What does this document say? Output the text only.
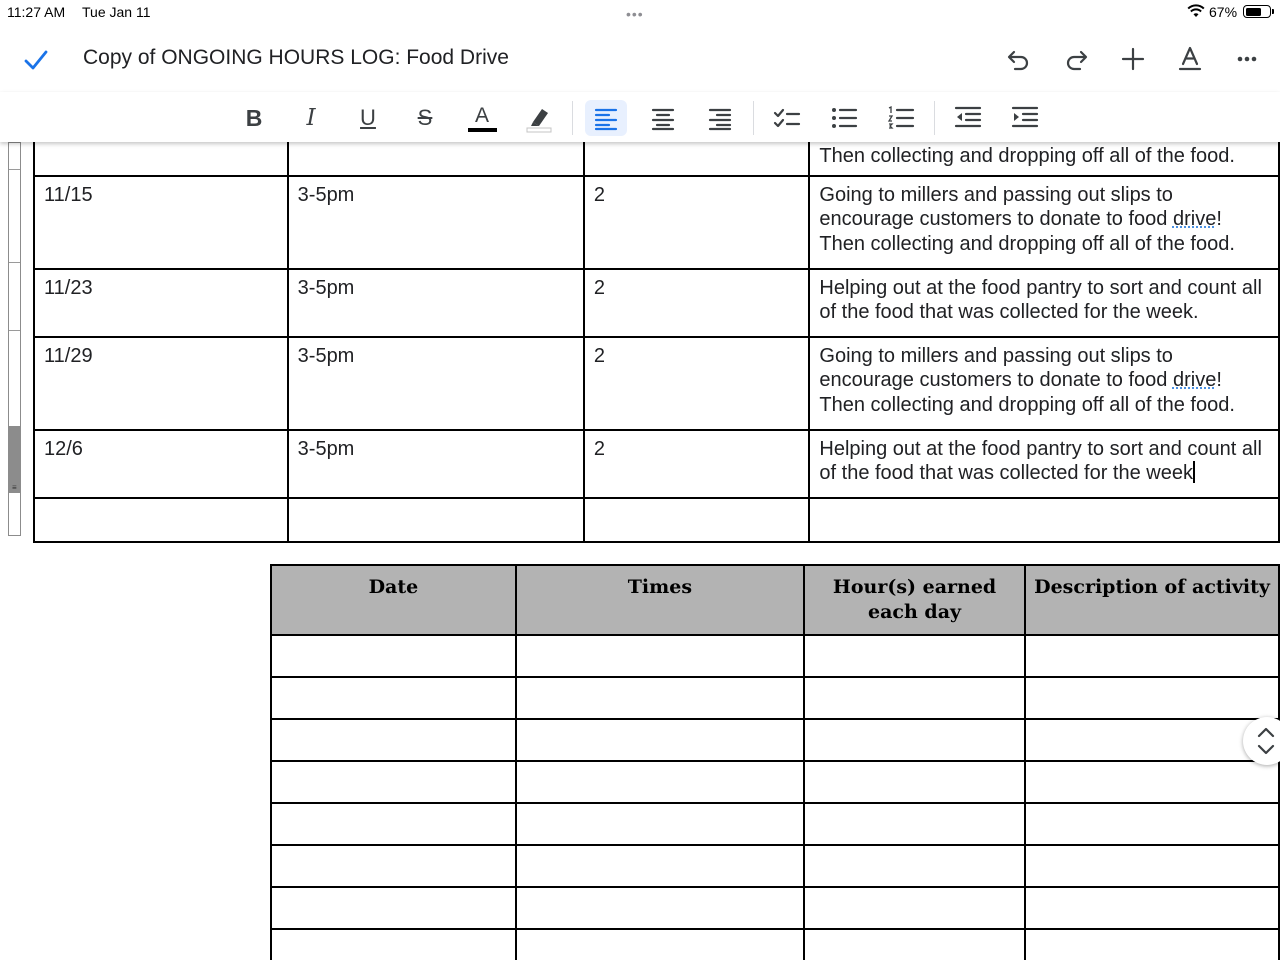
11:27 AM Tue Jan 11	•••	67%
Copy of ONGOING HOURS LOG: Food Drive
B I U S A
≡
			Then collecting and dropping off all of the food.
11/15	3-5pm	2	Going to millers and passing out slips to encourage customers to donate to food drive! Then collecting and dropping off all of the food.
11/23	3-5pm	2	Helping out at the food pantry to sort and count all of the food that was collected for the week.
11/29	3-5pm	2	Going to millers and passing out slips to encourage customers to donate to food drive! Then collecting and dropping off all of the food.
12/6	3-5pm	2	Helping out at the food pantry to sort and count all of the food that was collected for the week

Date	Times	Hour(s) earned each day	Description of activity
